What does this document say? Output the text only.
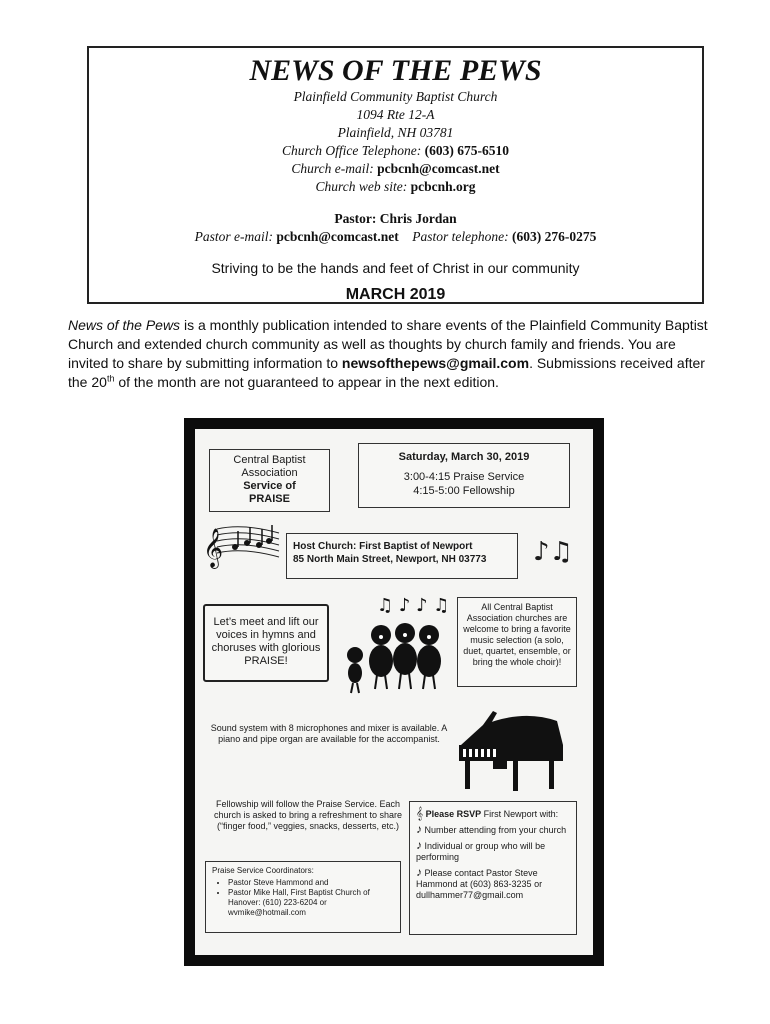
NEWS OF THE PEWS
Plainfield Community Baptist Church
1094 Rte 12-A
Plainfield, NH 03781
Church Office Telephone: (603) 675-6510
Church e-mail: pcbcnh@comcast.net
Church web site: pcbcnh.org
Pastor: Chris Jordan
Pastor e-mail: pcbcnh@comcast.net Pastor telephone: (603) 276-0275
Striving to be the hands and feet of Christ in our community
MARCH 2019
News of the Pews is a monthly publication intended to share events of the Plainfield Community Baptist Church and extended church community as well as thoughts by church family and friends. You are invited to share by submitting information to newsofthepews@gmail.com. Submissions received after the 20th of the month are not guaranteed to appear in the next edition.
Central Baptist
Association
Service of
PRAISE
Saturday, March 30, 2019
3:00-4:15 Praise Service
4:15-5:00 Fellowship
𝄞	Host Church: First Baptist of Newport
85 North Main Street, Newport, NH 03773	♪♫
Let’s meet and lift our voices in hymns and choruses with glorious PRAISE!
♫ ♪ ♪ ♫	All Central Baptist Association churches are welcome to bring a favorite music selection (a solo, duet, quartet, ensemble, or bring the whole choir)!
Sound system with 8 microphones and mixer is available. A piano and pipe organ are available for the accompanist.
Fellowship will follow the Praise Service. Each church is asked to bring a refreshment to share (“finger food,” veggies, snacks, desserts, etc.)
Praise Service Coordinators:
• Pastor Steve Hammond and
• Pastor Mike Hall, First Baptist Church of Hanover: (610) 223-6204 or wvmike@hotmail.com
𝄞 Please RSVP First Newport with:
♪ Number attending from your church
♪ Individual or group who will be performing
♪ Please contact Pastor Steve Hammond at (603) 863-3235 or dullhammer77@gmail.com
